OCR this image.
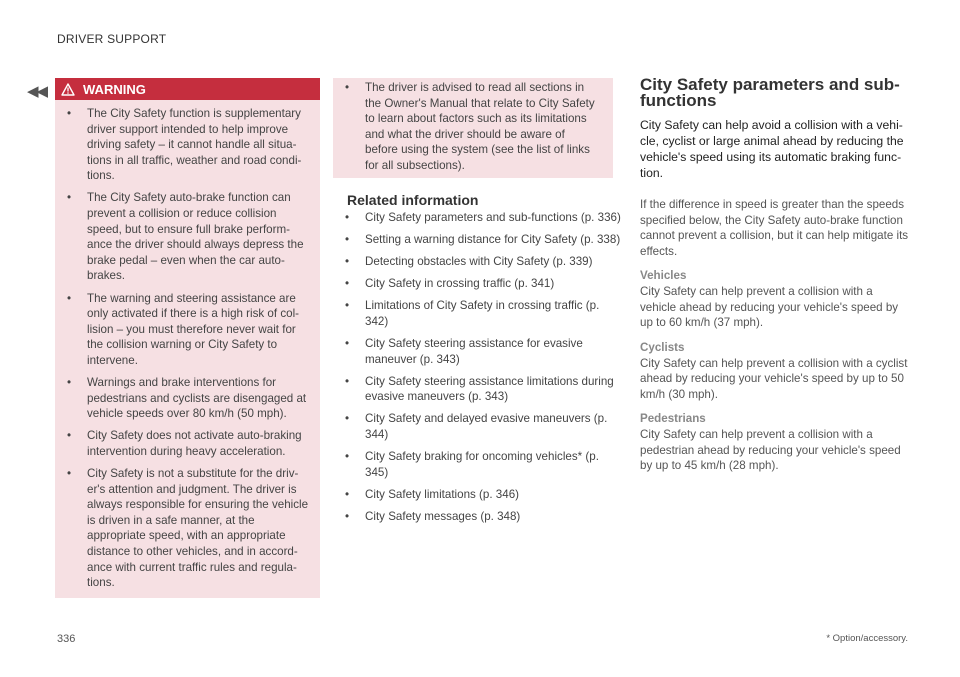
DRIVER SUPPORT
◀◀	WARNING
• The City Safety function is supplementary driver support intended to help improve driving safety – it cannot handle all situations in all traffic, weather and road conditions.
• The City Safety auto-brake function can prevent a collision or reduce collision speed, but to ensure full brake performance the driver should always depress the brake pedal – even when the car auto-brakes.
• The warning and steering assistance are only activated if there is a high risk of collision – you must therefore never wait for the collision warning or City Safety to intervene.
• Warnings and brake interventions for pedestrians and cyclists are disengaged at vehicle speeds over 80 km/h (50 mph).
• City Safety does not activate auto-braking intervention during heavy acceleration.
• City Safety is not a substitute for the driver's attention and judgment. The driver is always responsible for ensuring the vehicle is driven in a safe manner, at the appropriate speed, with an appropriate distance to other vehicles, and in accordance with current traffic rules and regulations.
• The driver is advised to read all sections in the Owner's Manual that relate to City Safety to learn about factors such as its limitations and what the driver should be aware of before using the system (see the list of links for all subsections).
Related information
• City Safety parameters and sub-functions (p. 336)
• Setting a warning distance for City Safety (p. 338)
• Detecting obstacles with City Safety (p. 339)
• City Safety in crossing traffic (p. 341)
• Limitations of City Safety in crossing traffic (p. 342)
• City Safety steering assistance for evasive maneuver (p. 343)
• City Safety steering assistance limitations during evasive maneuvers (p. 343)
• City Safety and delayed evasive maneuvers (p. 344)
• City Safety braking for oncoming vehicles* (p. 345)
• City Safety limitations (p. 346)
• City Safety messages (p. 348)
City Safety parameters and subfunctions
City Safety can help avoid a collision with a vehicle, cyclist or large animal ahead by reducing the vehicle's speed using its automatic braking function.

If the difference in speed is greater than the speeds specified below, the City Safety auto-brake function cannot prevent a collision, but it can help mitigate its effects.

Vehicles

City Safety can help prevent a collision with a vehicle ahead by reducing your vehicle's speed by up to 60 km/h (37 mph).

Cyclists

City Safety can help prevent a collision with a cyclist ahead by reducing your vehicle's speed by up to 50 km/h (30 mph).

Pedestrians

City Safety can help prevent a collision with a pedestrian ahead by reducing your vehicle's speed by up to 45 km/h (28 mph).

336	* Option/accessory.
